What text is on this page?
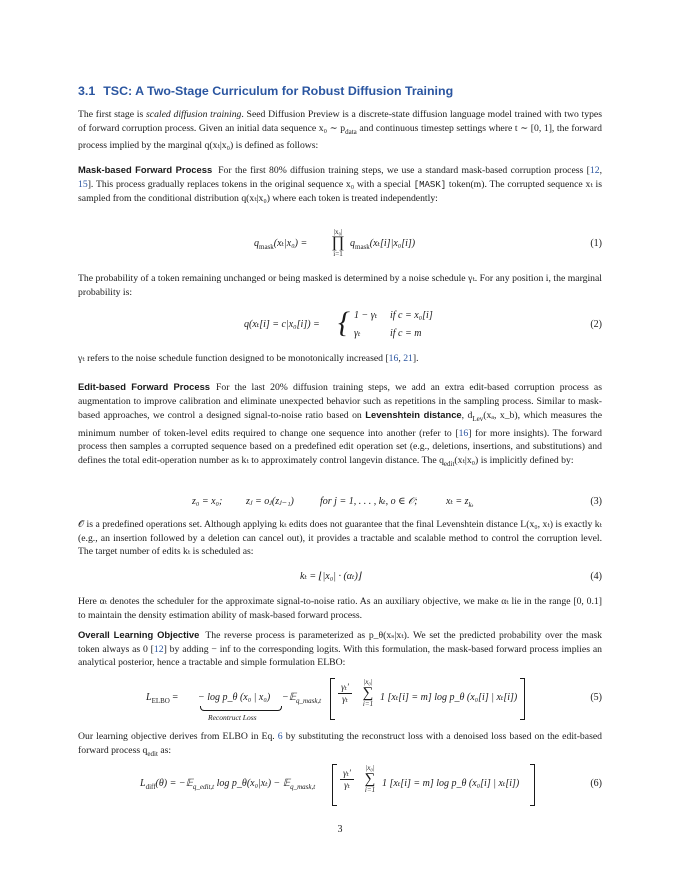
3.1 TSC: A Two-Stage Curriculum for Robust Diffusion Training

The first stage is scaled diffusion training. Seed Diffusion Preview is a discrete-state diffusion language model trained with two types of forward corruption process. Given an initial data sequence x₀ ∼ $p_{data}$ and continuous timestep settings where t ∼ [0, 1], the forward process implied by the marginal q(xₜ|x₀) is defined as follows:

Mask-based Forward Process For the first 80% diffusion training steps, we use a standard mask-based corruption process [12, 15]. This process gradually replaces tokens in the original sequence x₀ with a special [MASK] token(m). The corrupted sequence xₜ is sampled from the conditional distribution q(xₜ|x₀) where each token is treated independently:

$q_{mask}(x_t|x_0)$ =
|x₀|
∏
i=1
$q_{mask}(x_t[i]|x_0[i])$	(1)

The probability of a token remaining unchanged or being masked is determined by a noise schedule γₜ. For any position i, the marginal probability is:

q(xₜ[i] = c|x₀[i]) = { 1 − γₜ if c = x₀[i]
γₜ	if c = m
(2)

γₜ refers to the noise schedule function designed to be monotonically increased [16, 21].

Edit-based Forward Process For the last 20% diffusion training steps, we add an extra edit-based corruption process as augmentation to improve calibration and eliminate unexpected behavior such as repetitions in the sampling process. Similar to mask-based approaches, we control a designed signal-to-noise ratio based on Levenshtein distance, $d_{Lev}(x_a$, x_b), which measures the minimum number of token-level edits required to change one sequence into another (refer to [16] for more insights). The forward process then samples a corrupted sequence based on a predefined edit operation set (e.g., deletions, insertions, and substitutions) and defines the total edit-operation number as kₜ to approximately control langevin distance. The $q_{edit}(x_t|x_0)$ is implicitly defined by:

z₀ = x₀; zⱼ = oⱼ(zⱼ₋₁)	for j = 1, . . . , kₜ, o ∈ 𝒪;	$x_t = z_{k_t}$	(3)

𝒪 is a predefined operations set. Although applying kₜ edits does not guarantee that the final Levenshtein distance L(x₀, xₜ) is exactly kₜ (e.g., an insertion followed by a deletion can cancel out), it provides a tractable and scalable method to control the corruption level. The target number of edits kₜ is scheduled as:

kₜ = ⌊|x₀| · (αₜ)⌋	(4)

Here αₜ denotes the scheduler for the approximate signal-to-noise ratio. As an auxiliary objective, we make αₜ lie in the range [0, 0.1] to maintain the density estimation ability of mask-based forward process.

Overall Learning Objective The reverse process is parameterized as p_θ(xₛ|xₜ). We set the predicted probability over the mask token always as 0 [12] by adding − inf to the corresponding logits. With this formulation, the mask-based forward process implies an analytical posterior, hence a tractable and simple formulation ELBO:

$L_{ELBO}$ = − log p_θ (x₀ | x₀)
Recontruct Loss
−𝔼$_{q\_mask,t}$
γₜ′
γₜ
|x₀|
∑
i=1
1 [xₜ[i] = m] log p_θ (x₀[i] | xₜ[i])	(5)

Our learning objective derives from ELBO in Eq. 6 by substituting the reconstruct loss with a denoised loss based on the edit-based forward process $q_{edit}$ as:

$L_{diff}(\theta)$ = −𝔼$_{q\_edit,t}$ log p_θ(x₀|xₜ) − 𝔼$_{q\_mask,t}$
γₜ′
γₜ
|x₀|
∑
i=1
1 [xₜ[i] = m] log p_θ (x₀[i] | xₜ[i])	(6)
3
